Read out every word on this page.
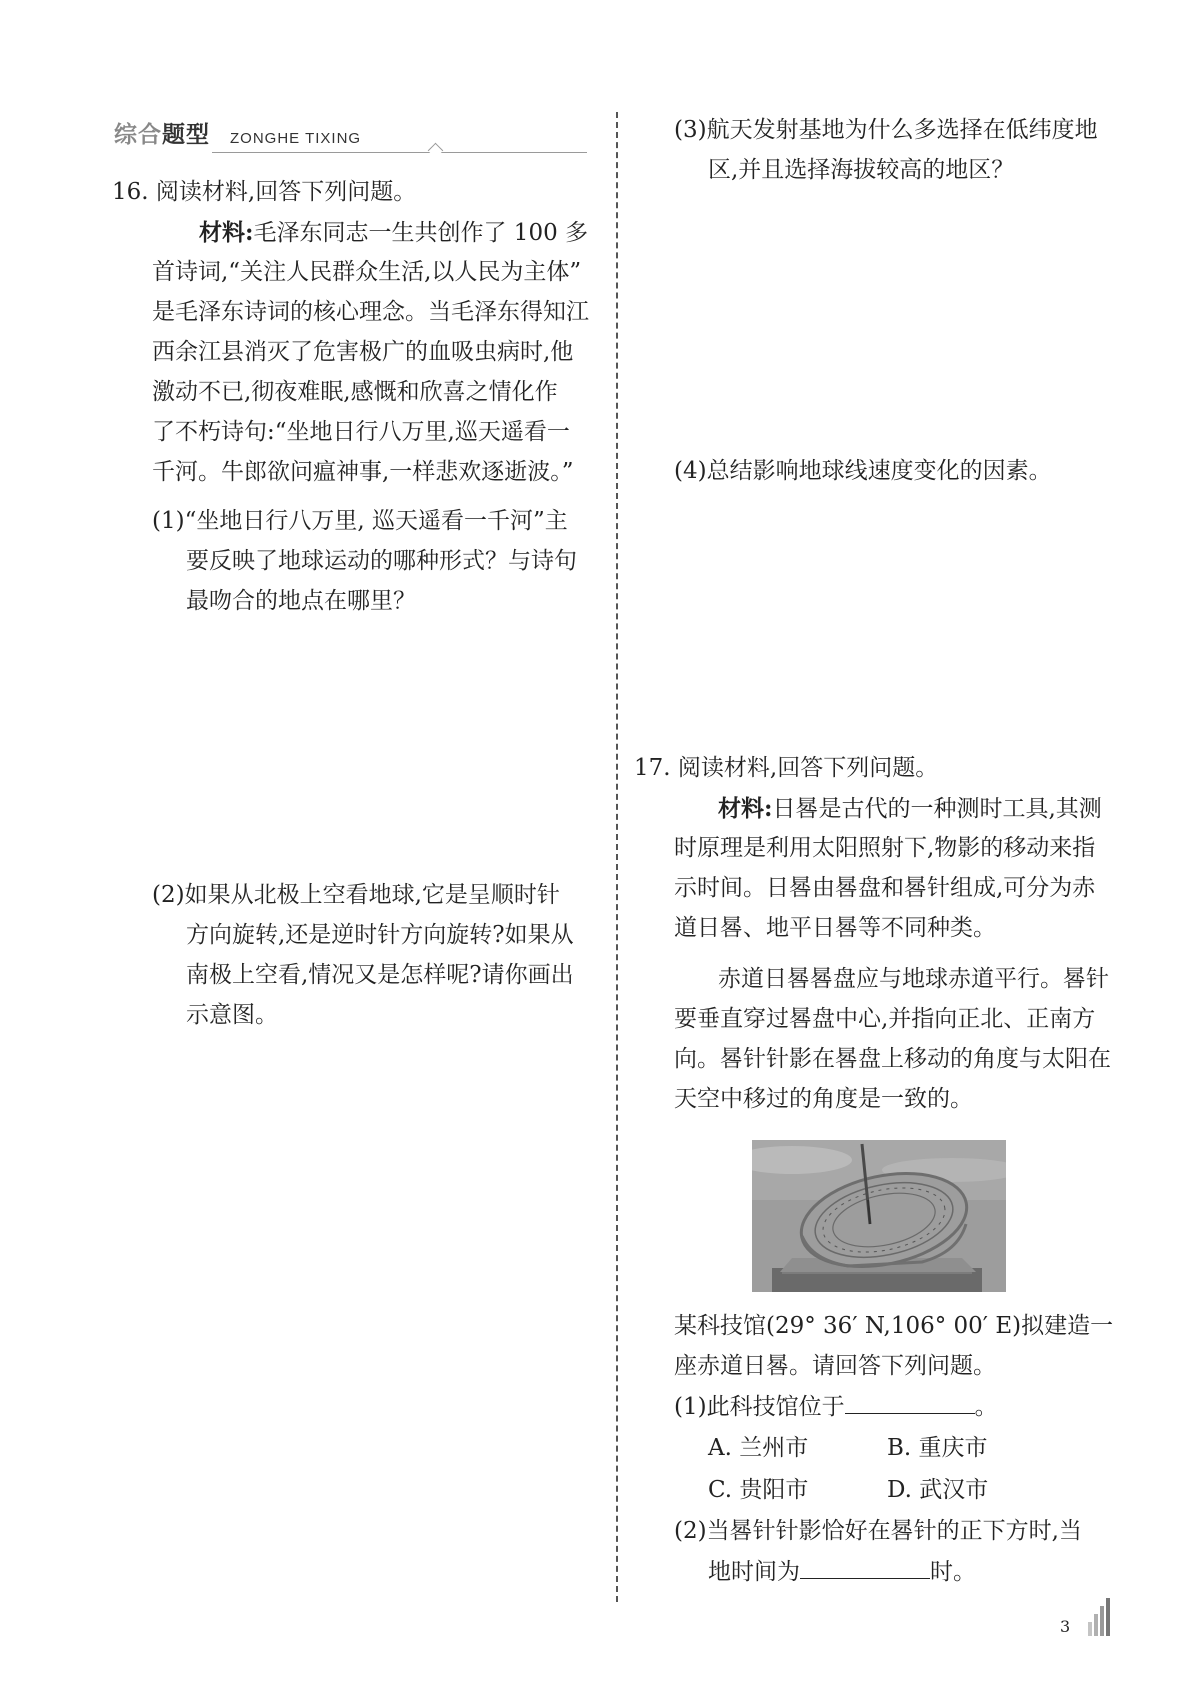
综合题型 ZONGHE TIXING
16. 阅读材料,回答下列问题。
材料:毛泽东同志一生共创作了 100 多
首诗词,“关注人民群众生活,以人民为主体”
是毛泽东诗词的核心理念。当毛泽东得知江
西余江县消灭了危害极广的血吸虫病时,他
激动不已,彻夜难眠,感慨和欣喜之情化作
了不朽诗句:“坐地日行八万里,巡天遥看一
千河。牛郎欲问瘟神事,一样悲欢逐逝波。”
(1)“坐地日行八万里, 巡天遥看一千河”主
要反映了地球运动的哪种形式？与诗句
最吻合的地点在哪里？
(2)如果从北极上空看地球,它是呈顺时针
方向旋转,还是逆时针方向旋转?如果从
南极上空看,情况又是怎样呢?请你画出
示意图。
(3)航天发射基地为什么多选择在低纬度地
区,并且选择海拔较高的地区？
(4)总结影响地球线速度变化的因素。
17. 阅读材料,回答下列问题。
材料:日晷是古代的一种测时工具,其测
时原理是利用太阳照射下,物影的移动来指
示时间。日晷由晷盘和晷针组成,可分为赤
道日晷、地平日晷等不同种类。
赤道日晷晷盘应与地球赤道平行。晷针
要垂直穿过晷盘中心,并指向正北、正南方
向。晷针针影在晷盘上移动的角度与太阳在
天空中移过的角度是一致的。
某科技馆(29° 36′ N,106° 00′ E)拟建造一
座赤道日晷。请回答下列问题。
(1)此科技馆位于	。
A. 兰州市	B. 重庆市
C. 贵阳市	D. 武汉市
(2)当晷针针影恰好在晷针的正下方时,当
地时间为	时。
3
